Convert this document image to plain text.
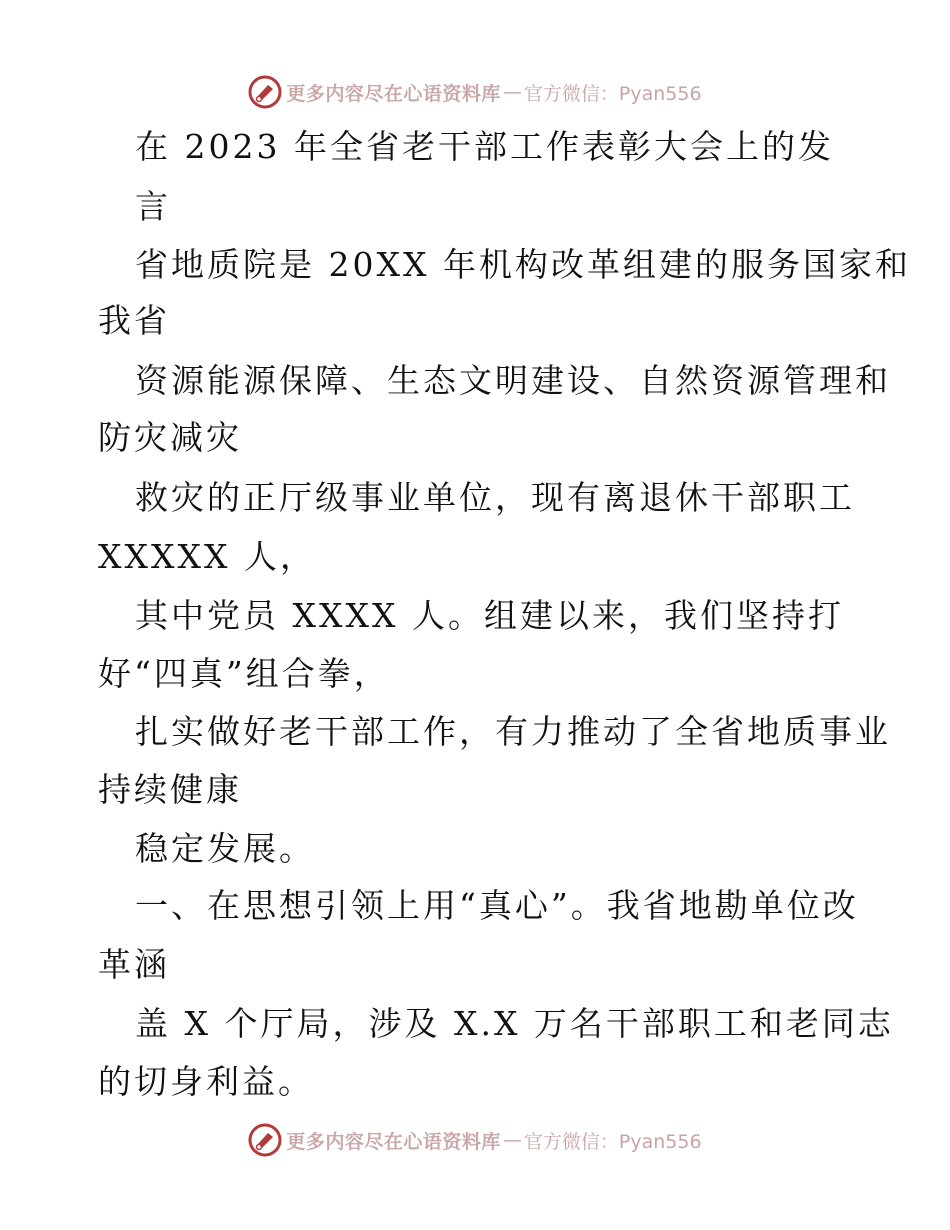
更多内容尽在心语资料库 — 官方微信：Pyan556
在 2023 年全省老干部工作表彰大会上的发
言
省地质院是 20XX 年机构改革组建的服务国家和
我省
资源能源保障、生态文明建设、自然资源管理和
防灾减灾
救灾的正厅级事业单位，现有离退休干部职工
XXXXX 人，
其中党员 XXXX 人。组建以来，我们坚持打
好“四真”组合拳，
扎实做好老干部工作，有力推动了全省地质事业
持续健康
稳定发展。
一、在思想引领上用“真心”。我省地勘单位改
革涵
盖 X 个厅局，涉及 X.X 万名干部职工和老同志
的切身利益。
更多内容尽在心语资料库 — 官方微信：Pyan556
